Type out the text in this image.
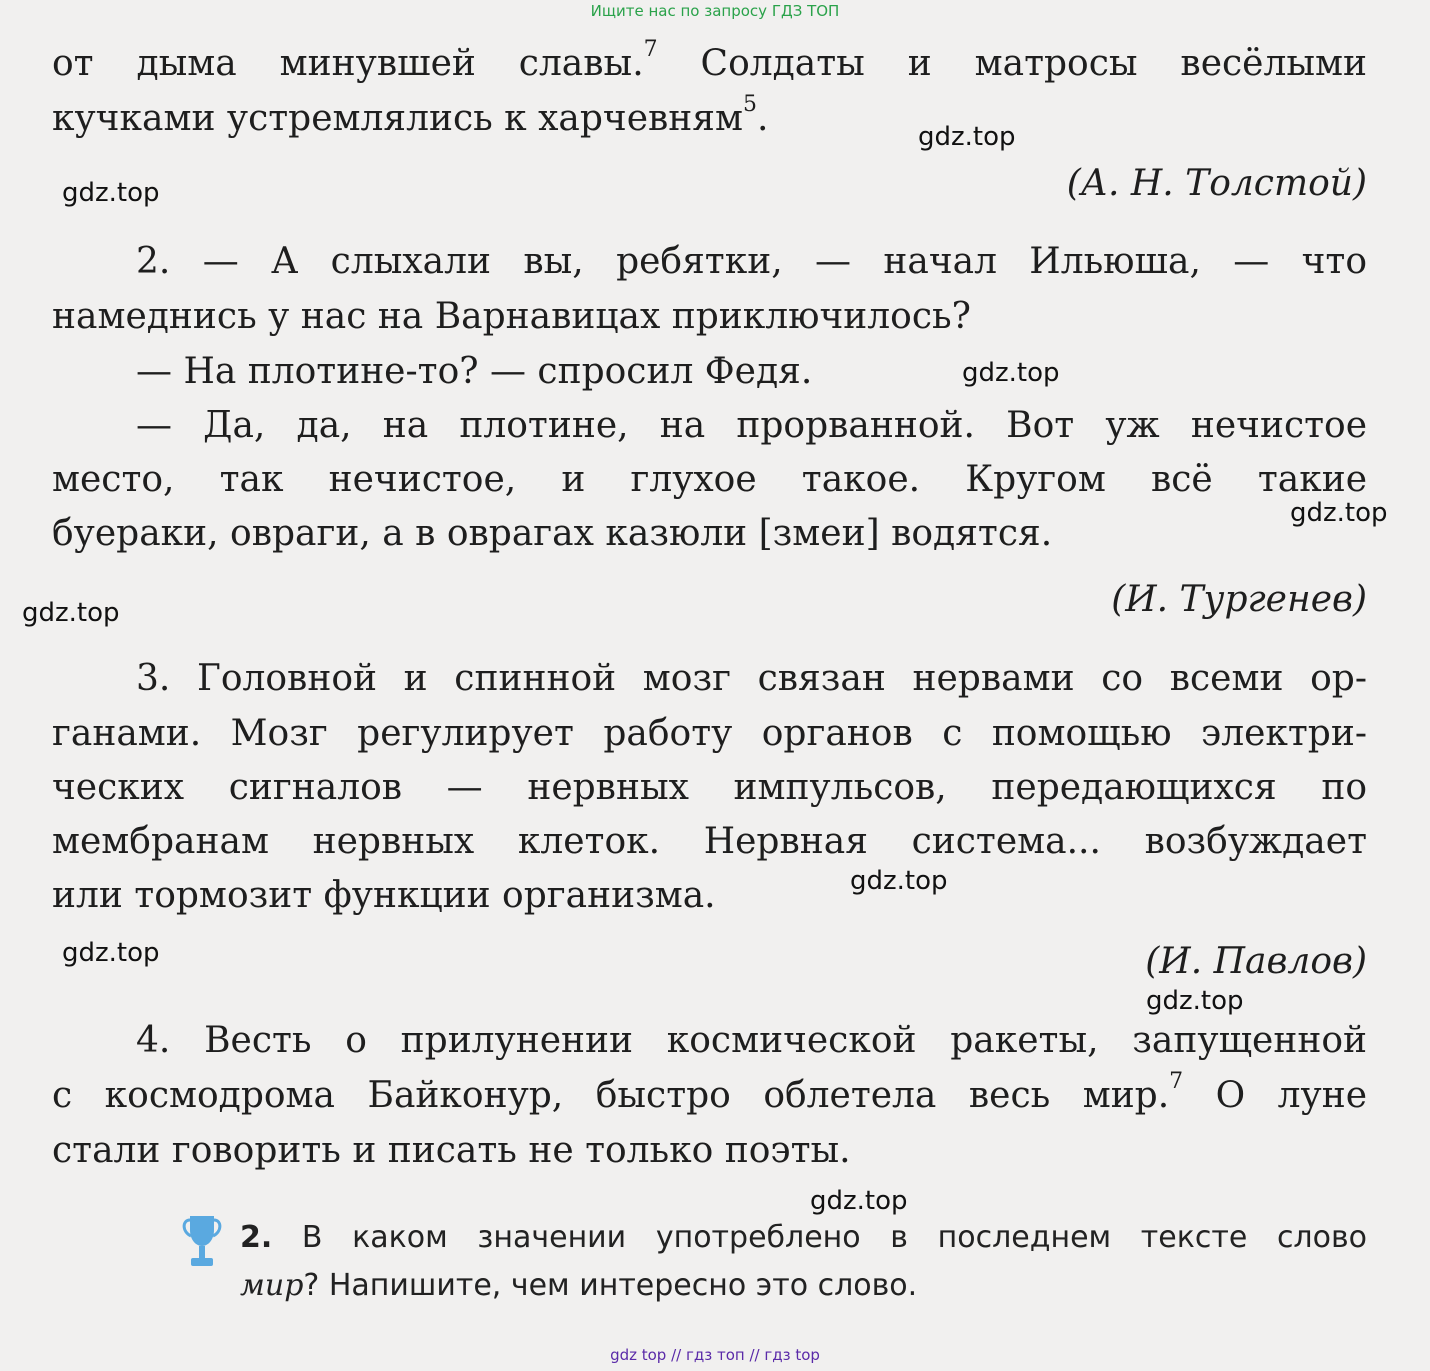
Ищите нас по запросу ГДЗ ТОП
от дыма минувшей славы.$^7$ Солдаты и матросы весёлыми
кучками устремлялись к харчевням$^5$.
(А. Н. Толстой)
2. — А слыхали вы, ребятки, — начал Ильюша, — что
намеднись у нас на Варнавицах приключилось?
— На плотине-то? — спросил Федя.
— Да, да, на плотине, на прорванной. Вот уж нечистое
место, так нечистое, и глухое такое. Кругом всё такие
буераки, овраги, а в оврагах казюли [змеи] водятся.
(И. Тургенев)
3. Головной и спинной мозг связан нервами со всеми ор-
ганами. Мозг регулирует работу органов с помощью электри-
ческих сигналов — нервных импульсов, передающихся по
мембранам нервных клеток. Нервная система... возбуждает
или тормозит функции организма.
(И. Павлов)
4. Весть о прилунении космической ракеты, запущенной
с космодрома Байконур, быстро облетела весь мир.$^7$ О луне
стали говорить и писать не только поэты.
2. В каком значении употреблено в последнем тексте слово
мир? Напишите, чем интересно это слово.
gdz.top
gdz.top
gdz.top
gdz.top
gdz.top
gdz.top
gdz.top
gdz.top
gdz.top
gdz top // гдз топ // гдз top
